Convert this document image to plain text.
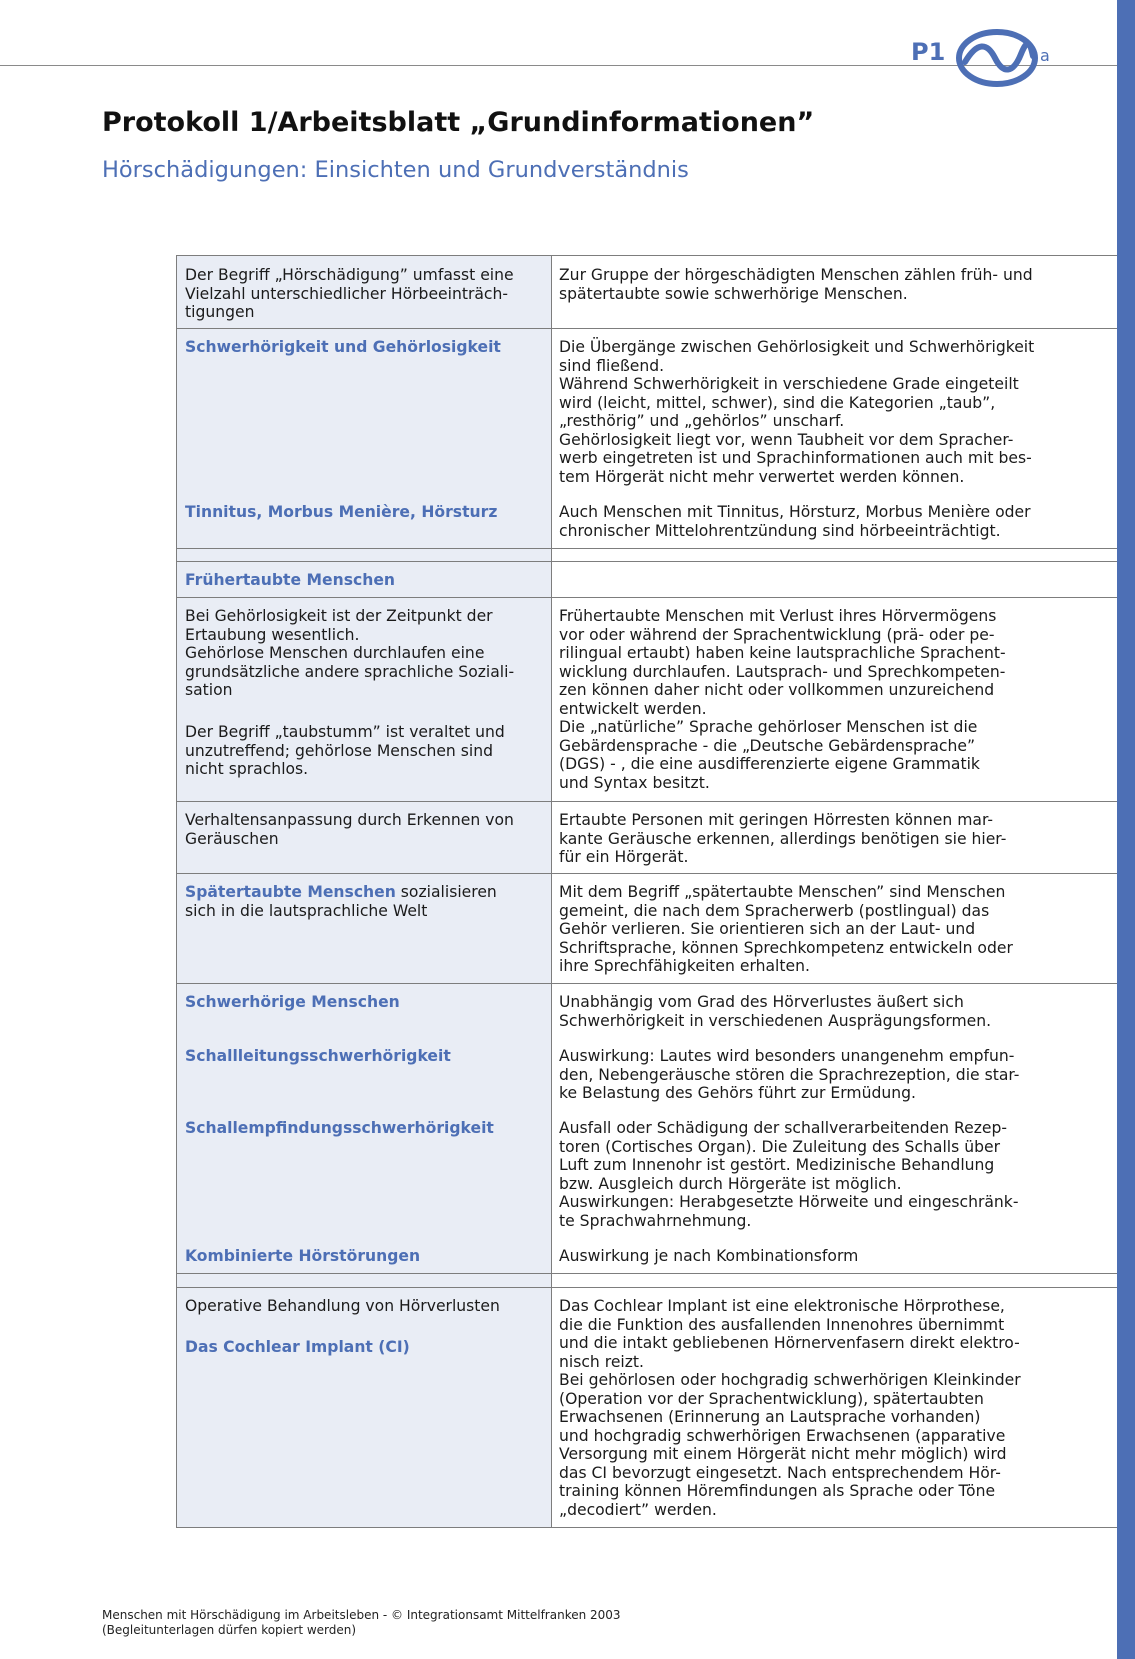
P1	a
Protokoll 1/Arbeitsblatt „Grundinformationen”
Hörschädigungen: Einsichten und Grundverständnis
Der Begriff „Hörschädigung” umfasst eine
Vielzahl unterschiedlicher Hörbeeinträch-
tigungen
Zur Gruppe der hörgeschädigten Menschen zählen früh- und
spätertaubte sowie schwerhörige Menschen.
Schwerhörigkeit und Gehörlosigkeit
Tinnitus, Morbus Menière, Hörsturz
Die Übergänge zwischen Gehörlosigkeit und Schwerhörigkeit
sind fließend.
Während Schwerhörigkeit in verschiedene Grade eingeteilt
wird (leicht, mittel, schwer), sind die Kategorien „taub”,
„resthörig” und „gehörlos” unscharf.
Gehörlosigkeit liegt vor, wenn Taubheit vor dem Spracher-
werb eingetreten ist und Sprachinformationen auch mit bes-
tem Hörgerät nicht mehr verwertet werden können.
Auch Menschen mit Tinnitus, Hörsturz, Morbus Menière oder
chronischer Mittelohrentzündung sind hörbeeinträchtigt.
Frühertaubte Menschen
Bei Gehörlosigkeit ist der Zeitpunkt der
Ertaubung wesentlich.
Gehörlose Menschen durchlaufen eine
grundsätzliche andere sprachliche Soziali-
sation
Der Begriff „taubstumm” ist veraltet und
unzutreffend; gehörlose Menschen sind
nicht sprachlos.
Frühertaubte Menschen mit Verlust ihres Hörvermögens
vor oder während der Sprachentwicklung (prä- oder pe-
rilingual ertaubt) haben keine lautsprachliche Sprachent-
wicklung durchlaufen. Lautsprach- und Sprechkompeten-
zen können daher nicht oder vollkommen unzureichend
entwickelt werden.
Die „natürliche” Sprache gehörloser Menschen ist die
Gebärdensprache - die „Deutsche Gebärdensprache”
(DGS) - , die eine ausdifferenzierte eigene Grammatik
und Syntax besitzt.
Verhaltensanpassung durch Erkennen von
Geräuschen
Ertaubte Personen mit geringen Hörresten können mar-
kante Geräusche erkennen, allerdings benötigen sie hier-
für ein Hörgerät.
Spätertaubte Menschen sozialisieren
sich in die lautsprachliche Welt
Mit dem Begriff „spätertaubte Menschen” sind Menschen
gemeint, die nach dem Spracherwerb (postlingual) das
Gehör verlieren. Sie orientieren sich an der Laut- und
Schriftsprache, können Sprechkompetenz entwickeln oder
ihre Sprechfähigkeiten erhalten.
Schwerhörige Menschen
Schallleitungsschwerhörigkeit
Schallempfindungsschwerhörigkeit
Kombinierte Hörstörungen
Unabhängig vom Grad des Hörverlustes äußert sich
Schwerhörigkeit in verschiedenen Ausprägungsformen.
Auswirkung: Lautes wird besonders unangenehm empfun-
den, Nebengeräusche stören die Sprachrezeption, die star-
ke Belastung des Gehörs führt zur Ermüdung.
Ausfall oder Schädigung der schallverarbeitenden Rezep-
toren (Cortisches Organ). Die Zuleitung des Schalls über
Luft zum Innenohr ist gestört. Medizinische Behandlung
bzw. Ausgleich durch Hörgeräte ist möglich.
Auswirkungen: Herabgesetzte Hörweite und eingeschränk-
te Sprachwahrnehmung.
Auswirkung je nach Kombinationsform
Operative Behandlung von Hörverlusten
Das Cochlear Implant (CI)
Das Cochlear Implant ist eine elektronische Hörprothese,
die die Funktion des ausfallenden Innenohres übernimmt
und die intakt gebliebenen Hörnervenfasern direkt elektro-
nisch reizt.
Bei gehörlosen oder hochgradig schwerhörigen Kleinkinder
(Operation vor der Sprachentwicklung), spätertaubten
Erwachsenen (Erinnerung an Lautsprache vorhanden)
und hochgradig schwerhörigen Erwachsenen (apparative
Versorgung mit einem Hörgerät nicht mehr möglich) wird
das CI bevorzugt eingesetzt. Nach entsprechendem Hör-
training können Höremfindungen als Sprache oder Töne
„decodiert” werden.
Menschen mit Hörschädigung im Arbeitsleben - © Integrationsamt Mittelfranken 2003
(Begleitunterlagen dürfen kopiert werden)
